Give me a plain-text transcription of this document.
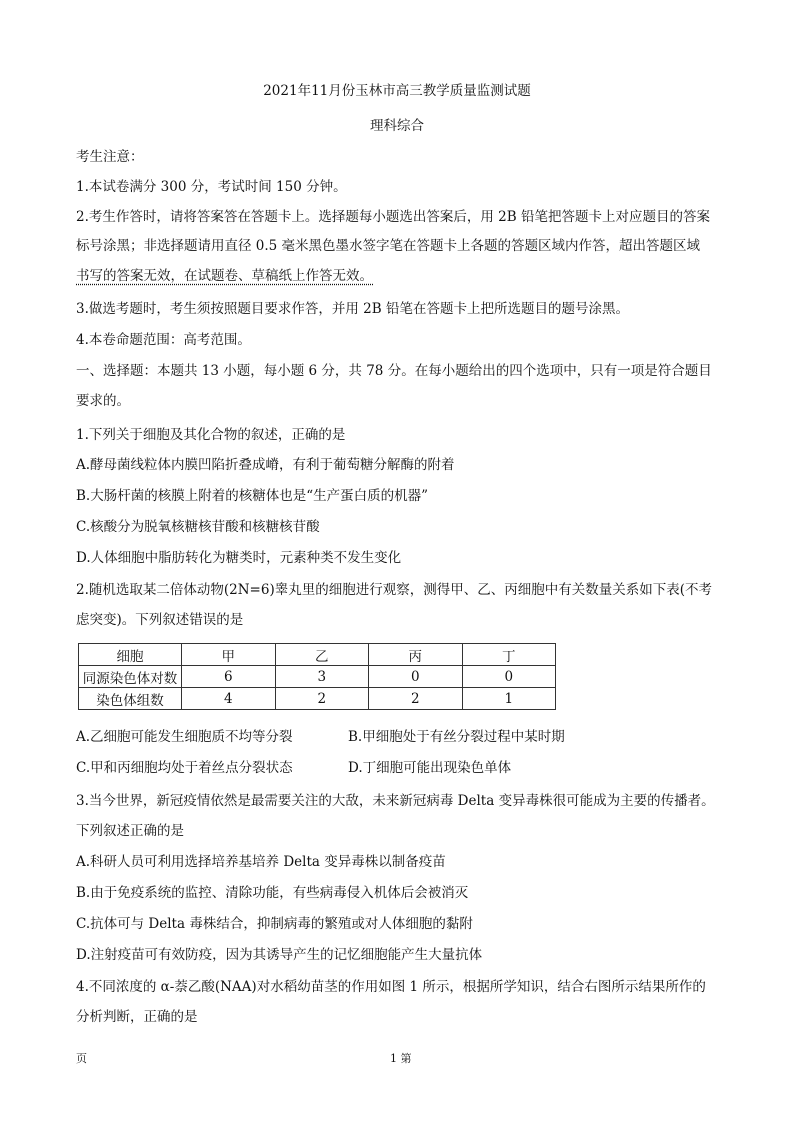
2021年11月份玉林市高三教学质量监测试题
理科综合
考生注意：
1.本试卷满分 300 分，考试时间 150 分钟。
2.考生作答时，请将答案答在答题卡上。选择题每小题选出答案后，用 2B 铅笔把答题卡上对应题目的答案
标号涂黑；非选择题请用直径 0.5 毫米黑色墨水签字笔在答题卡上各题的答题区域内作答，超出答题区域
书写的答案无效，在试题卷、草稿纸上作答无效。
3.做选考题时，考生须按照题目要求作答，并用 2B 铅笔在答题卡上把所选题目的题号涂黑。
4.本卷命题范围：高考范围。
一、选择题：本题共 13 小题，每小题 6 分，共 78 分。在每小题给出的四个选项中，只有一项是符合题目
要求的。
1.下列关于细胞及其化合物的叙述，正确的是
A.酵母菌线粒体内膜凹陷折叠成嵴，有利于葡萄糖分解酶的附着
B.大肠杆菌的核膜上附着的核糖体也是“生产蛋白质的机器”
C.核酸分为脱氧核糖核苷酸和核糖核苷酸
D.人体细胞中脂肪转化为糖类时，元素种类不发生变化
2.随机选取某二倍体动物(2N=6)睾丸里的细胞进行观察，测得甲、乙、丙细胞中有关数量关系如下表(不考
虑突变)。下列叙述错误的是
细胞	甲	乙	丙	丁
同源染色体对数	6	3	0	0
染色体组数	4	2	2	1
A.乙细胞可能发生细胞质不均等分裂	B.甲细胞处于有丝分裂过程中某时期
C.甲和丙细胞均处于着丝点分裂状态	D.丁细胞可能出现染色单体
3.当今世界，新冠疫情依然是最需要关注的大敌，未来新冠病毒 Delta 变异毒株很可能成为主要的传播者。
下列叙述正确的是
A.科研人员可利用选择培养基培养 Delta 变异毒株以制备疫苗
B.由于免疫系统的监控、清除功能，有些病毒侵入机体后会被消灭
C.抗体可与 Delta 毒株结合，抑制病毒的繁殖或对人体细胞的黏附
D.注射疫苗可有效防疫，因为其诱导产生的记忆细胞能产生大量抗体
4.不同浓度的 α-萘乙酸(NAA)对水稻幼苗茎的作用如图 1 所示，根据所学知识，结合右图所示结果所作的
分析判断，正确的是
页	1 第
